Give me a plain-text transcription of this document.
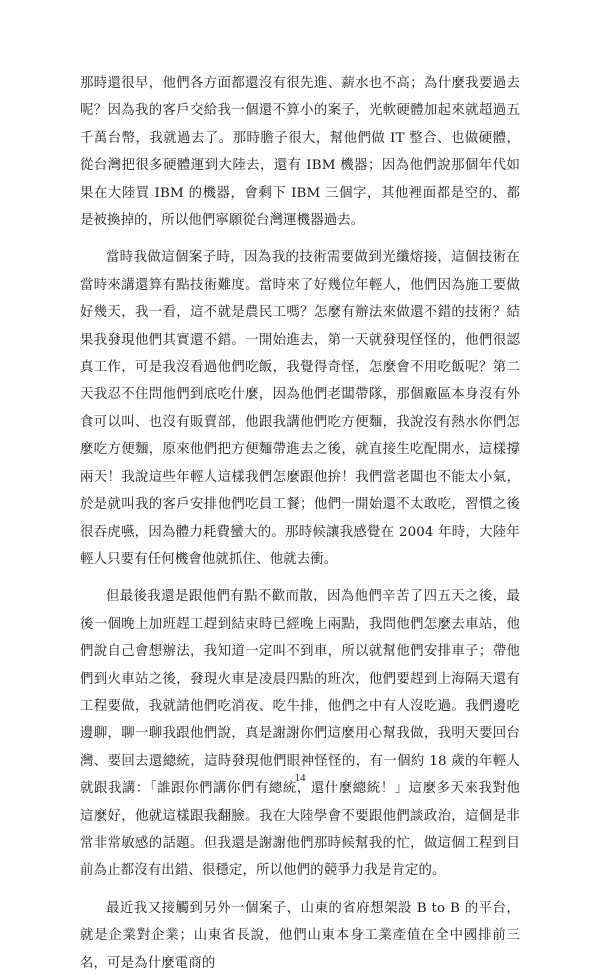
那時還很早，他們各方面都還沒有很先進、薪水也不高；為什麼我要過去呢？因為我的客戶交給我一個還不算小的案子，光軟硬體加起來就超過五千萬台幣，我就過去了。那時膽子很大，幫他們做 IT 整合、也做硬體，從台灣把很多硬體運到大陸去，還有 IBM 機器；因為他們說那個年代如果在大陸買 IBM 的機器，會剩下 IBM 三個字，其他裡面都是空的、都是被換掉的，所以他們寧願從台灣運機器過去。

當時我做這個案子時，因為我的技術需要做到光纖熔接，這個技術在當時來講還算有點技術難度。當時來了好幾位年輕人，他們因為施工要做好幾天，我一看，這不就是農民工嗎？怎麼有辦法來做還不錯的技術？結果我發現他們其實還不錯。一開始進去，第一天就發現怪怪的，他們很認真工作，可是我沒看過他們吃飯，我覺得奇怪，怎麼會不用吃飯呢？第二天我忍不住問他們到底吃什麼，因為他們老闆帶隊，那個廠區本身沒有外食可以叫、也沒有販賣部，他跟我講他們吃方便麵，我說沒有熱水你們怎麼吃方便麵，原來他們把方便麵帶進去之後，就直接生吃配開水，這樣撐兩天！我說這些年輕人這樣我們怎麼跟他拚！我們當老闆也不能太小氣，於是就叫我的客戶安排他們吃員工餐；他們一開始還不太敢吃，習慣之後很吞虎嚥，因為體力耗費蠻大的。那時候讓我感覺在 2004 年時，大陸年輕人只要有任何機會他就抓住、他就去衝。

但最後我還是跟他們有點不歡而散，因為他們辛苦了四五天之後，最後一個晚上加班趕工趕到結束時已經晚上兩點，我問他們怎麼去車站，他們說自己會想辦法，我知道一定叫不到車，所以就幫他們安排車子；帶他們到火車站之後，發現火車是凌晨四點的班次，他們要趕到上海隔天還有工程要做，我就請他們吃消夜、吃牛排，他們之中有人沒吃過。我們邊吃邊聊，聊一聊我跟他們說，真是謝謝你們這麼用心幫我做，我明天要回台灣、要回去還總統，這時發現他們眼神怪怪的，有一個約 18 歲的年輕人就跟我講：「誰跟你們講你們有總統，還什麼總統！」這麼多天來我對他這麼好，他就這樣跟我翻臉。我在大陸學會不要跟他們談政治，這個是非常非常敏感的話題。但我還是謝謝他們那時候幫我的忙，做這個工程到目前為止都沒有出錯、很穩定，所以他們的競爭力我是肯定的。

最近我又接觸到另外一個案子，山東的省府想架設 B to B 的平台，就是企業對企業；山東省長說，他們山東本身工業產值在全中國排前三名，可是為什麼電商的

14
